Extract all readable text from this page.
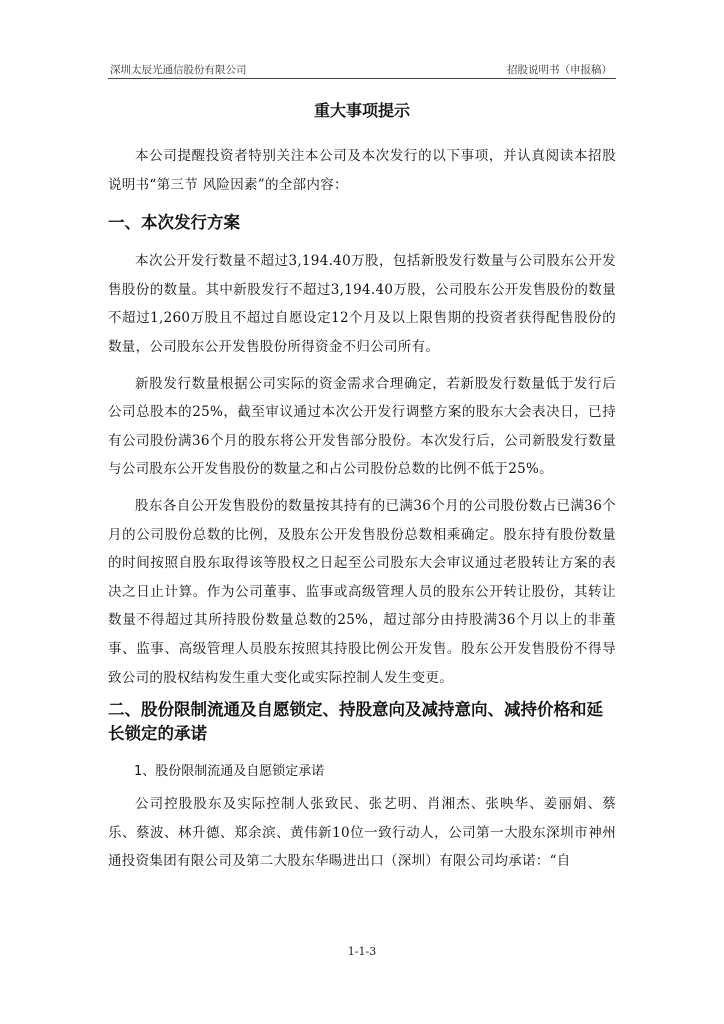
深圳太辰光通信股份有限公司	招股说明书（申报稿）
重大事项提示

本公司提醒投资者特别关注本公司及本次发行的以下事项，并认真阅读本招股说明书“第三节 风险因素”的全部内容：

一、本次发行方案

本次公开发行数量不超过3,194.40万股，包括新股发行数量与公司股东公开发售股份的数量。其中新股发行不超过3,194.40万股，公司股东公开发售股份的数量不超过1,260万股且不超过自愿设定12个月及以上限售期的投资者获得配售股份的数量，公司股东公开发售股份所得资金不归公司所有。

新股发行数量根据公司实际的资金需求合理确定，若新股发行数量低于发行后公司总股本的25%，截至审议通过本次公开发行调整方案的股东大会表决日，已持有公司股份满36个月的股东将公开发售部分股份。本次发行后，公司新股发行数量与公司股东公开发售股份的数量之和占公司股份总数的比例不低于25%。

股东各自公开发售股份的数量按其持有的已满36个月的公司股份数占已满36个月的公司股份总数的比例，及股东公开发售股份总数相乘确定。股东持有股份数量的时间按照自股东取得该等股权之日起至公司股东大会审议通过老股转让方案的表决之日止计算。作为公司董事、监事或高级管理人员的股东公开转让股份，其转让数量不得超过其所持股份数量总数的25%，超过部分由持股满36个月以上的非董事、监事、高级管理人员股东按照其持股比例公开发售。股东公开发售股份不得导致公司的股权结构发生重大变化或实际控制人发生变更。

二、股份限制流通及自愿锁定、持股意向及减持意向、减持价格和延长锁定的承诺
1、股份限制流通及自愿锁定承诺

公司控股股东及实际控制人张致民、张艺明、肖湘杰、张映华、姜丽娟、蔡乐、蔡波、林升德、郑余滨、黄伟新10位一致行动人，公司第一大股东深圳市神州通投资集团有限公司及第二大股东华暘进出口（深圳）有限公司均承诺：“自

1-1-3
